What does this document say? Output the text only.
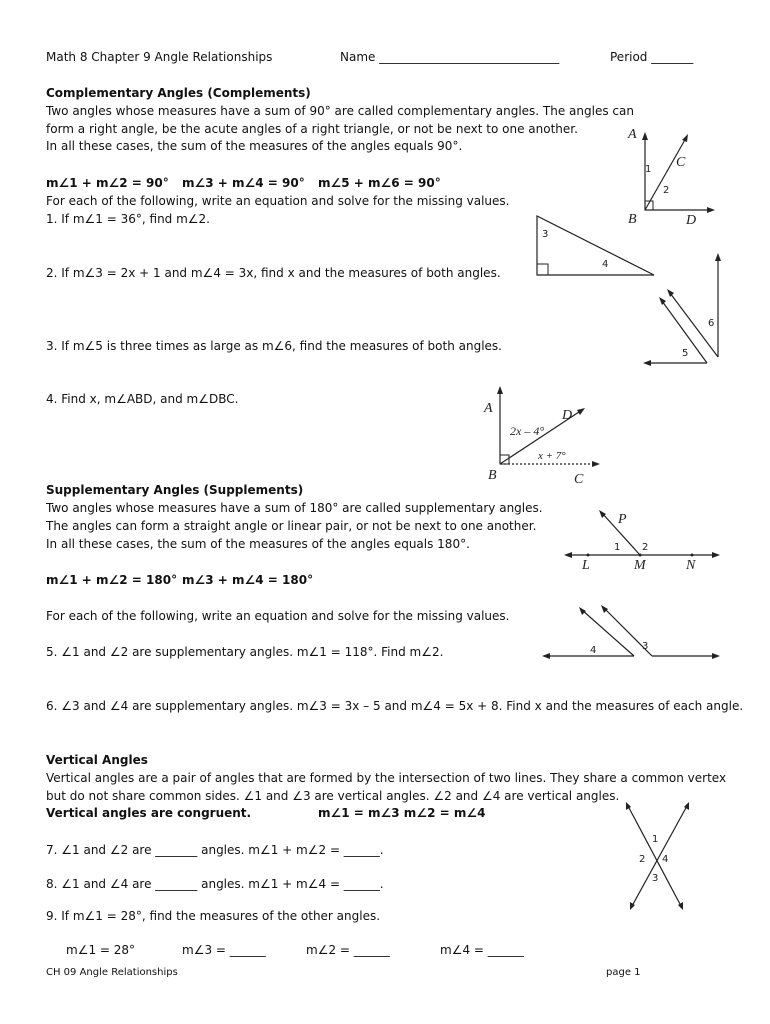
Math 8 Chapter 9 Angle Relationships	Name ______________________________	Period _______
Complementary Angles (Complements)
Two angles whose measures have a sum of 90° are called complementary angles. The angles can
form a right angle, be the acute angles of a right triangle, or not be next to one another.
In all these cases, the sum of the measures of the angles equals 90°.
m∠1 + m∠2 = 90° m∠3 + m∠4 = 90° m∠5 + m∠6 = 90°
For each of the following, write an equation and solve for the missing values.
1. If m∠1 = 36°, find m∠2.
2. If m∠3 = 2x + 1 and m∠4 = 3x, find x and the measures of both angles.
3. If m∠5 is three times as large as m∠6, find the measures of both angles.
4. Find x, m∠ABD, and m∠DBC.
Supplementary Angles (Supplements)
Two angles whose measures have a sum of 180° are called supplementary angles.
The angles can form a straight angle or linear pair, or not be next to one another.
In all these cases, the sum of the measures of the angles equals 180°.
m∠1 + m∠2 = 180° m∠3 + m∠4 = 180°
For each of the following, write an equation and solve for the missing values.
5. ∠1 and ∠2 are supplementary angles. m∠1 = 118°. Find m∠2.
6. ∠3 and ∠4 are supplementary angles. m∠3 = 3x – 5 and m∠4 = 5x + 8. Find x and the measures of each angle.
Vertical Angles
Vertical angles are a pair of angles that are formed by the intersection of two lines. They share a common vertex
but do not share common sides. ∠1 and ∠3 are vertical angles. ∠2 and ∠4 are vertical angles.
Vertical angles are congruent.	m∠1 = m∠3 m∠2 = m∠4
7. ∠1 and ∠2 are _______ angles. m∠1 + m∠2 = ______.
8. ∠1 and ∠4 are _______ angles. m∠1 + m∠4 = ______.
9. If m∠1 = 28°, find the measures of the other angles.
m∠1 = 28°	m∠3 = ______	m∠2 = ______	m∠4 = ______
CH 09 Angle Relationships	page 1
A
B
C
D
1
2
3
4
6
5
A
B	C
D
2x – 4°
x + 7°
P
L	M	N
1 2
4	3
1
2 4
3
